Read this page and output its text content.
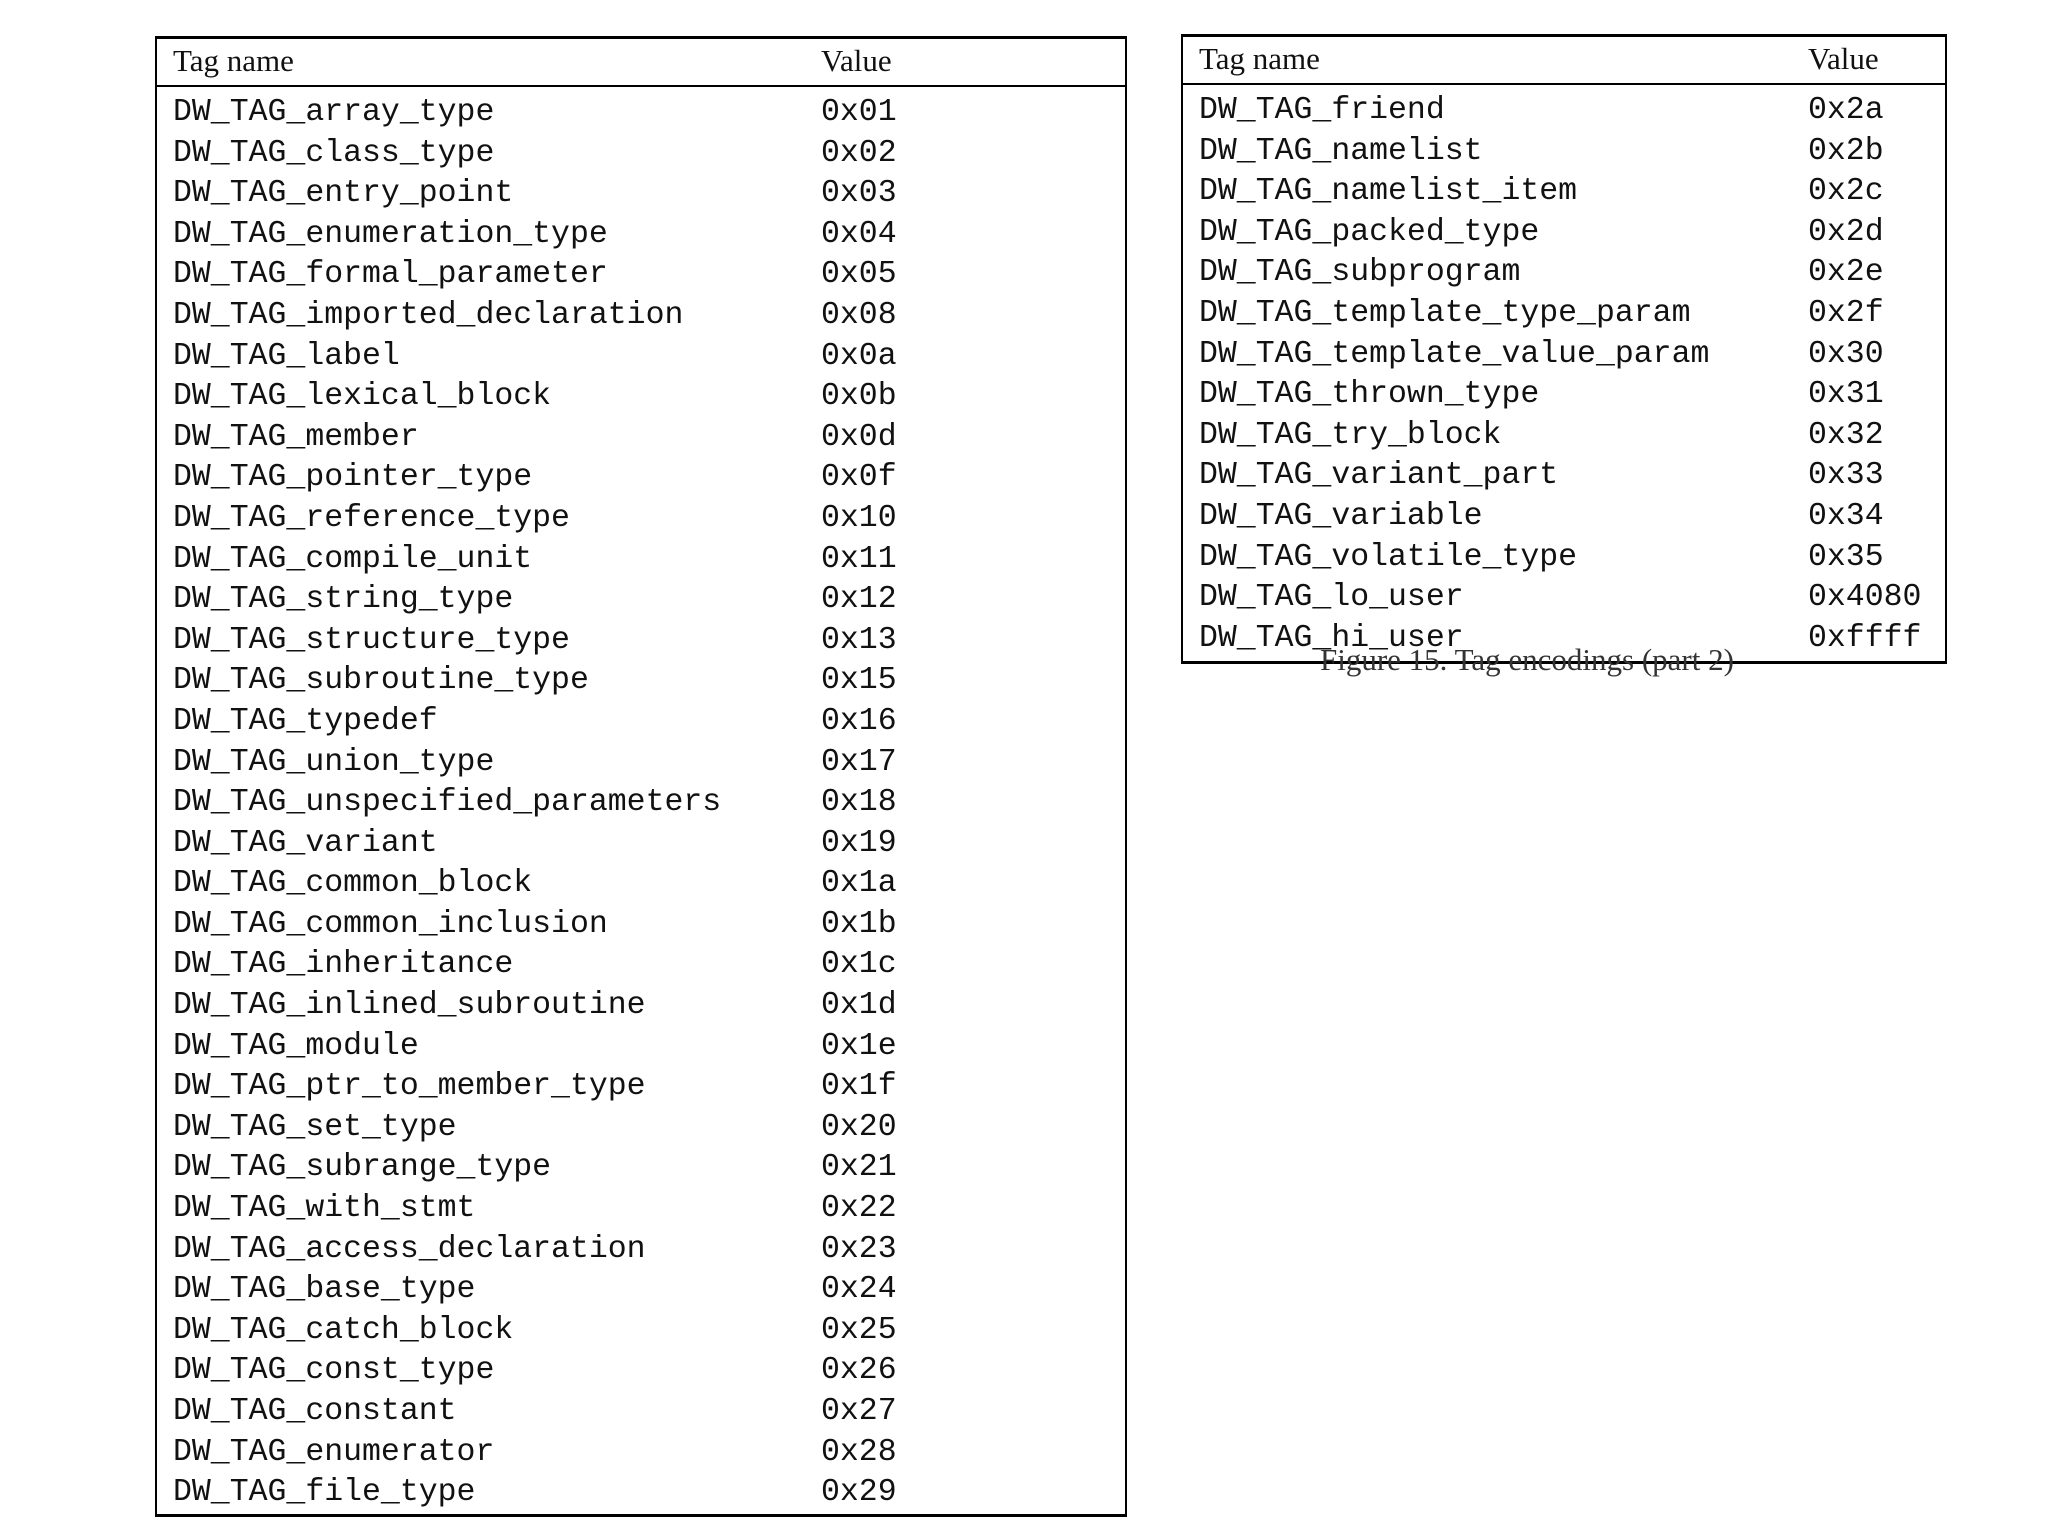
Tag name	Value
DW_TAG_array_type	0x01
DW_TAG_class_type	0x02
DW_TAG_entry_point	0x03
DW_TAG_enumeration_type	0x04
DW_TAG_formal_parameter	0x05
DW_TAG_imported_declaration	0x08
DW_TAG_label	0x0a
DW_TAG_lexical_block	0x0b
DW_TAG_member	0x0d
DW_TAG_pointer_type	0x0f
DW_TAG_reference_type	0x10
DW_TAG_compile_unit	0x11
DW_TAG_string_type	0x12
DW_TAG_structure_type	0x13
DW_TAG_subroutine_type	0x15
DW_TAG_typedef	0x16
DW_TAG_union_type	0x17
DW_TAG_unspecified_parameters	0x18
DW_TAG_variant	0x19
DW_TAG_common_block	0x1a
DW_TAG_common_inclusion	0x1b
DW_TAG_inheritance	0x1c
DW_TAG_inlined_subroutine	0x1d
DW_TAG_module	0x1e
DW_TAG_ptr_to_member_type	0x1f
DW_TAG_set_type	0x20
DW_TAG_subrange_type	0x21
DW_TAG_with_stmt	0x22
DW_TAG_access_declaration	0x23
DW_TAG_base_type	0x24
DW_TAG_catch_block	0x25
DW_TAG_const_type	0x26
DW_TAG_constant	0x27
DW_TAG_enumerator	0x28
DW_TAG_file_type	0x29
Tag name	Value
DW_TAG_friend	0x2a
DW_TAG_namelist	0x2b
DW_TAG_namelist_item	0x2c
DW_TAG_packed_type	0x2d
DW_TAG_subprogram	0x2e
DW_TAG_template_type_param	0x2f
DW_TAG_template_value_param	0x30
DW_TAG_thrown_type	0x31
DW_TAG_try_block	0x32
DW_TAG_variant_part	0x33
DW_TAG_variable	0x34
DW_TAG_volatile_type	0x35
DW_TAG_lo_user	0x4080
DW_TAG_hi_user	0xffff
Figure 15. Tag encodings (part 2)
